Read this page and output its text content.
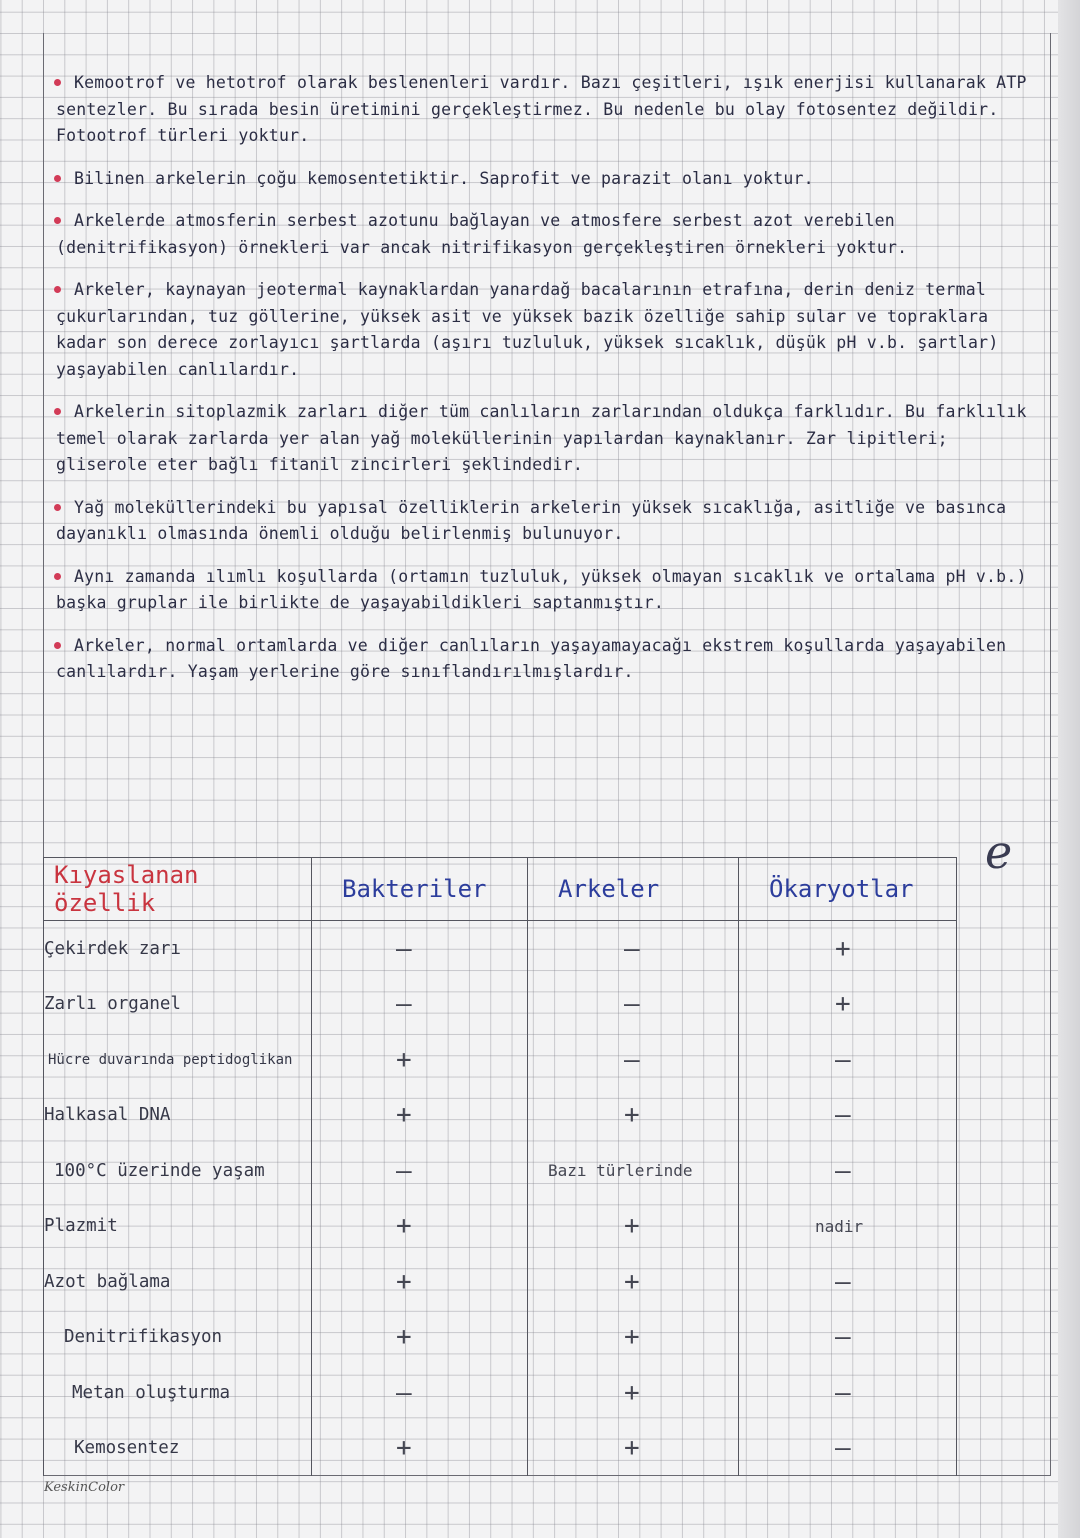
Kemootrof ve hetotrof olarak beslenenleri vardır. Bazı çeşitleri, ışık enerjisi kullanarak ATP sentezler. Bu sırada besin üretimini gerçekleştirmez. Bu nedenle bu olay fotosentez değildir. Fotootrof türleri yoktur.

Bilinen arkelerin çoğu kemosentetiktir. Saprofit ve parazit olanı yoktur.

Arkelerde atmosferin serbest azotunu bağlayan ve atmosfere serbest azot verebilen (denitrifikasyon) örnekleri var ancak nitrifikasyon gerçekleştiren örnekleri yoktur.

Arkeler, kaynayan jeotermal kaynaklardan yanardağ bacalarının etrafına, derin deniz termal çukurlarından, tuz göllerine, yüksek asit ve yüksek bazik özelliğe sahip sular ve topraklara kadar son derece zorlayıcı şartlarda (aşırı tuzluluk, yüksek sıcaklık, düşük pH v.b. şartlar) yaşayabilen canlılardır.

Arkelerin sitoplazmik zarları diğer tüm canlıların zarlarından oldukça farklıdır. Bu farklılık temel olarak zarlarda yer alan yağ moleküllerinin yapılardan kaynaklanır. Zar lipitleri; gliserole eter bağlı fitanil zincirleri şeklindedir.

Yağ moleküllerindeki bu yapısal özelliklerin arkelerin yüksek sıcaklığa, asitliğe ve basınca dayanıklı olmasında önemli olduğu belirlenmiş bulunuyor.

Aynı zamanda ılımlı koşullarda (ortamın tuzluluk, yüksek olmayan sıcaklık ve ortalama pH v.b.) başka gruplar ile birlikte de yaşayabildikleri saptanmıştır.

Arkeler, normal ortamlarda ve diğer canlıların yaşayamayacağı ekstrem koşullarda yaşayabilen canlılardır. Yaşam yerlerine göre sınıflandırılmışlardır.

e
Kıyaslanan özellik	Bakteriler	Arkeler	Ökaryotlar
Çekirdek zarı	—	—	+
Zarlı organel	—	—	+
Hücre duvarında peptidoglikan	+	—	—
Halkasal DNA	+	+	—
100°C üzerinde yaşam	—	Bazı türlerinde	—
Plazmit	+	+	nadir
Azot bağlama	+	+	—
Denitrifikasyon	+	+	—
Metan oluşturma	—	+	—
Kemosentez	+	+	—
KeskinColor
